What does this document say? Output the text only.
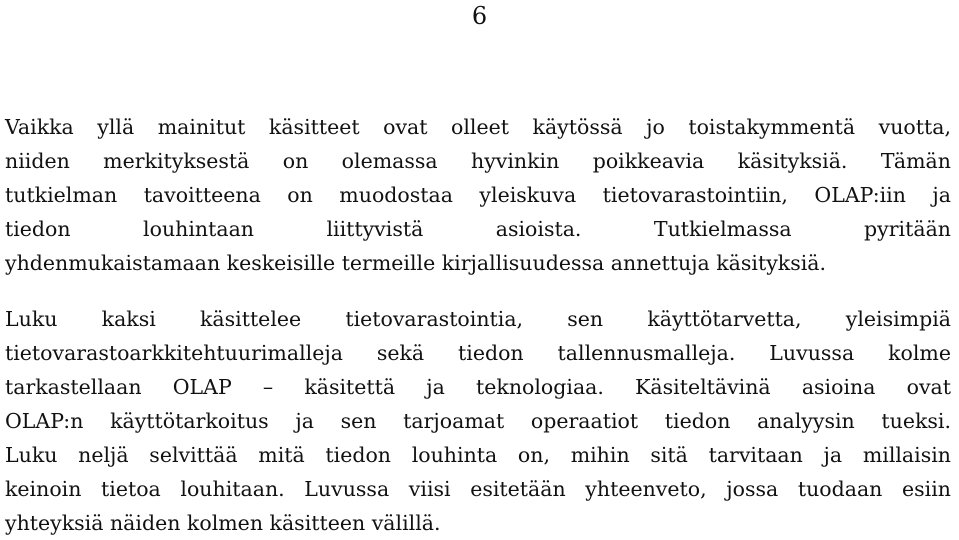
6

Vaikka yllä mainitut käsitteet ovat olleet käytössä jo toistakymmentä vuotta,
niiden merkityksestä on olemassa hyvinkin poikkeavia käsityksiä. Tämän
tutkielman tavoitteena on muodostaa yleiskuva tietovarastointiin, OLAP:iin ja
tiedon louhintaan liittyvistä asioista. Tutkielmassa pyritään
yhdenmukaistamaan keskeisille termeille kirjallisuudessa annettuja käsityksiä.

Luku kaksi käsittelee tietovarastointia, sen käyttötarvetta, yleisimpiä
tietovarastoarkkitehtuurimalleja sekä tiedon tallennusmalleja. Luvussa kolme
tarkastellaan OLAP – käsitettä ja teknologiaa. Käsiteltävinä asioina ovat
OLAP:n käyttötarkoitus ja sen tarjoamat operaatiot tiedon analyysin tueksi.
Luku neljä selvittää mitä tiedon louhinta on, mihin sitä tarvitaan ja millaisin
keinoin tietoa louhitaan. Luvussa viisi esitetään yhteenveto, jossa tuodaan esiin
yhteyksiä näiden kolmen käsitteen välillä.
